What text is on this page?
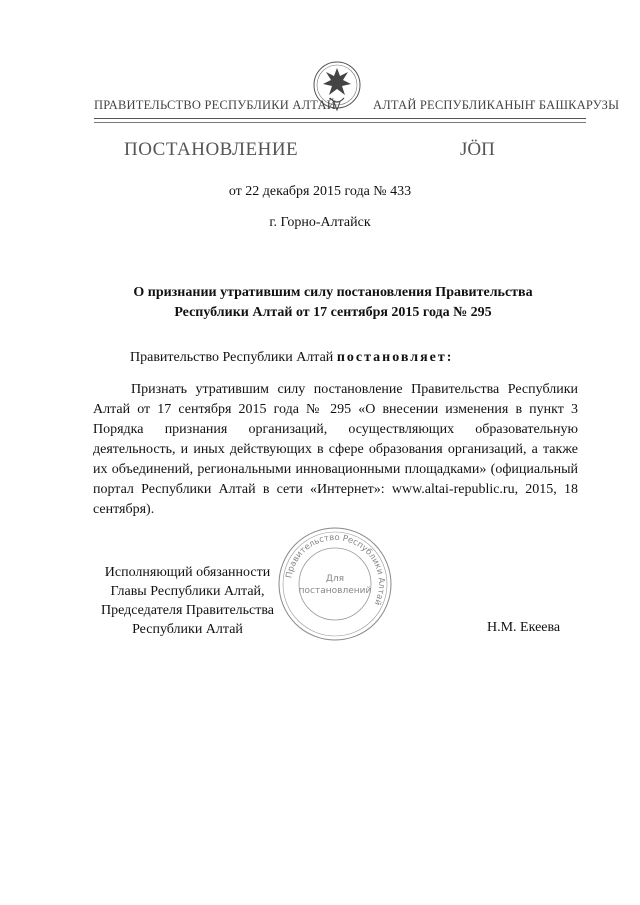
ПРАВИТЕЛЬСТВО РЕСПУБЛИКИ АЛТАЙ	АЛТАЙ РЕСПУБЛИКАНЫҤ БАШКАРУЗЫ
ПОСТАНОВЛЕНИЕ	ЈÖП
от 22 декабря 2015 года № 433
г. Горно-Алтайск
О признании утратившим силу постановления Правительства
Республики Алтай от 17 сентября 2015 года № 295
Правительство Республики Алтай постановляет:
Признать утратившим силу постановление Правительства Республики Алтай от 17 сентября 2015 года № 295 «О внесении изменения в пункт 3 Порядка признания организаций, осуществляющих образовательную деятельность, и иных действующих в сфере образования организаций, а также их объединений, региональными инновационными площадками» (официальный портал Республики Алтай в сети «Интернет»: www.altai-republic.ru, 2015, 18 сентября).
Исполняющий обязанности
Главы Республики Алтай,
Председателя Правительства
Республики Алтай
Правительство Республики Алтай
Для
постановлений
Н.М. Екеева
